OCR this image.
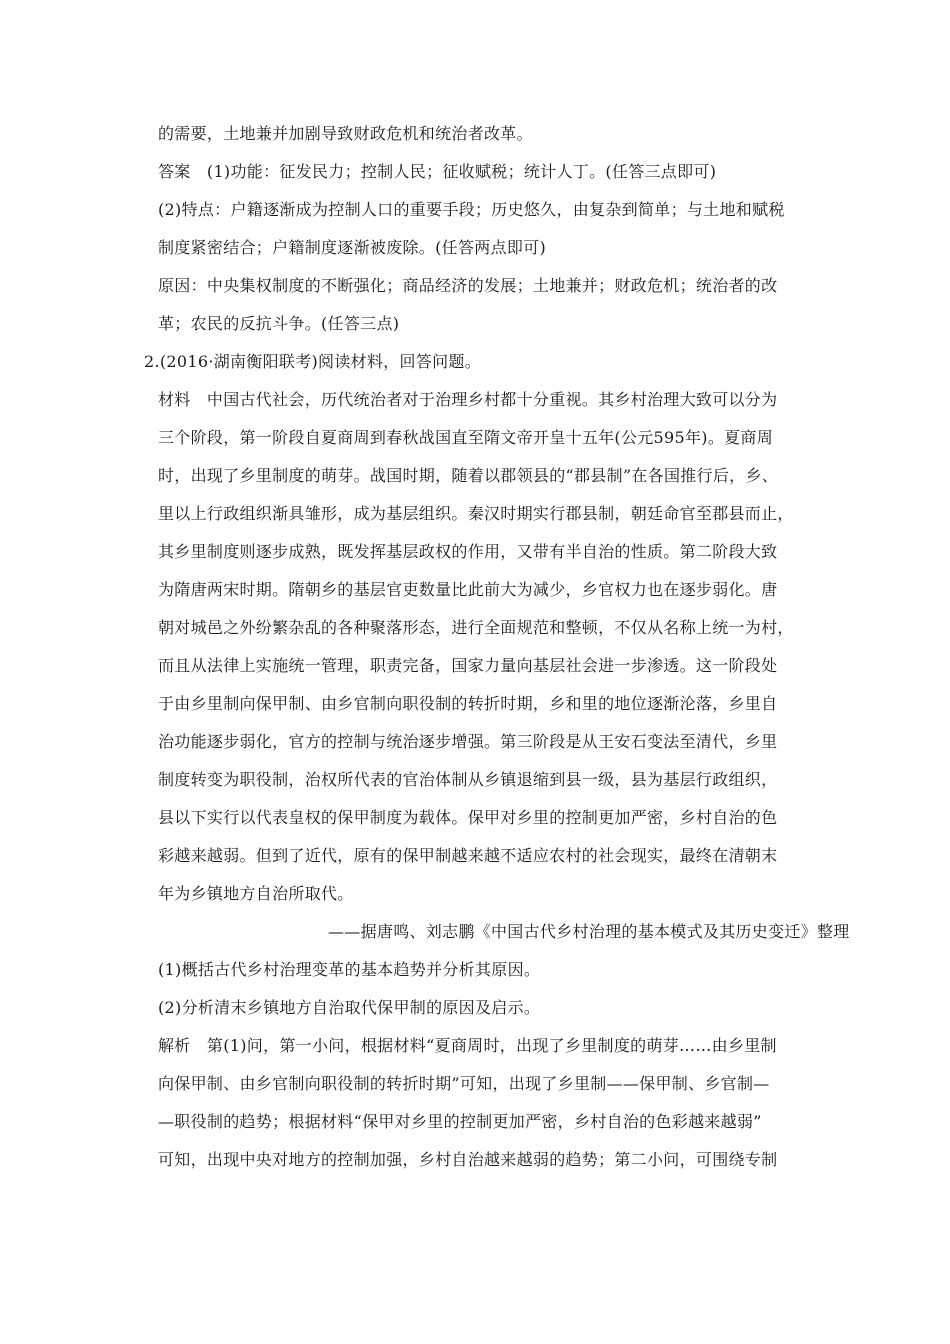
的需要，土地兼并加剧导致财政危机和统治者改革。
答案　(1)功能：征发民力；控制人民；征收赋税；统计人丁。(任答三点即可)
(2)特点：户籍逐渐成为控制人口的重要手段；历史悠久，由复杂到简单；与土地和赋税
制度紧密结合；户籍制度逐渐被废除。(任答两点即可)
原因：中央集权制度的不断强化；商品经济的发展；土地兼并；财政危机；统治者的改
革；农民的反抗斗争。(任答三点)
2.(2016·湖南衡阳联考)阅读材料，回答问题。
材料　中国古代社会，历代统治者对于治理乡村都十分重视。其乡村治理大致可以分为
三个阶段，第一阶段自夏商周到春秋战国直至隋文帝开皇十五年(公元595年)。夏商周
时，出现了乡里制度的萌芽。战国时期，随着以郡领县的“郡县制”在各国推行后，乡、
里以上行政组织渐具雏形，成为基层组织。秦汉时期实行郡县制，朝廷命官至郡县而止，
其乡里制度则逐步成熟，既发挥基层政权的作用，又带有半自治的性质。第二阶段大致
为隋唐两宋时期。隋朝乡的基层官吏数量比此前大为减少，乡官权力也在逐步弱化。唐
朝对城邑之外纷繁杂乱的各种聚落形态，进行全面规范和整顿，不仅从名称上统一为村，
而且从法律上实施统一管理，职责完备，国家力量向基层社会进一步渗透。这一阶段处
于由乡里制向保甲制、由乡官制向职役制的转折时期，乡和里的地位逐渐沦落，乡里自
治功能逐步弱化，官方的控制与统治逐步增强。第三阶段是从王安石变法至清代，乡里
制度转变为职役制，治权所代表的官治体制从乡镇退缩到县一级，县为基层行政组织，
县以下实行以代表皇权的保甲制度为载体。保甲对乡里的控制更加严密，乡村自治的色
彩越来越弱。但到了近代，原有的保甲制越来越不适应农村的社会现实，最终在清朝末
年为乡镇地方自治所取代。
——据唐鸣、刘志鹏《中国古代乡村治理的基本模式及其历史变迁》整理
(1)概括古代乡村治理变革的基本趋势并分析其原因。
(2)分析清末乡镇地方自治取代保甲制的原因及启示。
解析　第(1)问，第一小问，根据材料“夏商周时，出现了乡里制度的萌芽……由乡里制
向保甲制、由乡官制向职役制的转折时期”可知，出现了乡里制——保甲制、乡官制—
—职役制的趋势；根据材料“保甲对乡里的控制更加严密，乡村自治的色彩越来越弱”
可知，出现中央对地方的控制加强，乡村自治越来越弱的趋势；第二小问，可围绕专制
